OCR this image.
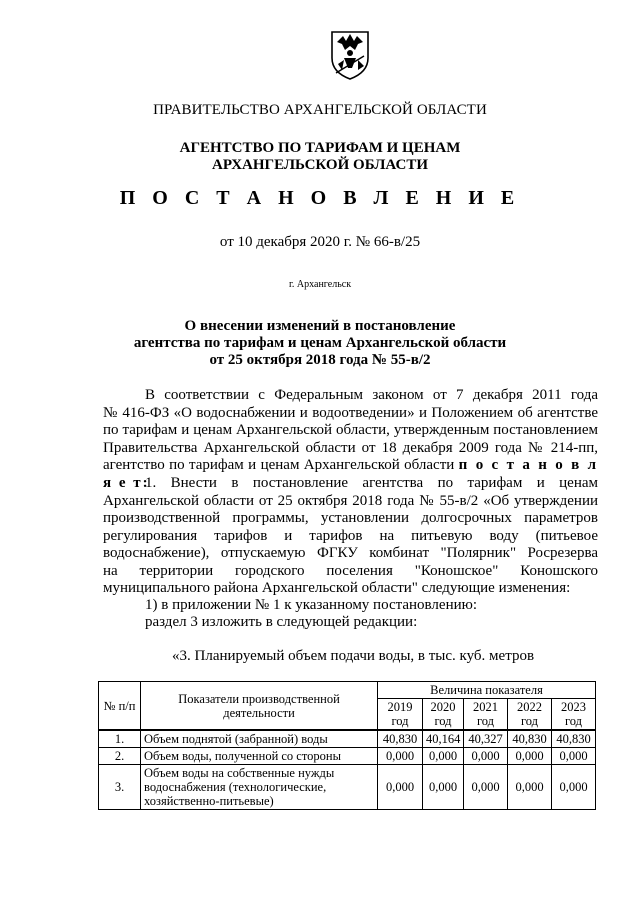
ПРАВИТЕЛЬСТВО АРХАНГЕЛЬСКОЙ ОБЛАСТИ
АГЕНТСТВО ПО ТАРИФАМ И ЦЕНАМ
АРХАНГЕЛЬСКОЙ ОБЛАСТИ
П О С Т А Н О В Л Е Н И Е
от 10 декабря 2020 г. № 66-в/25
г. Архангельск
О внесении изменений в постановление
агентства по тарифам и ценам Архангельской области
от 25 октября 2018 года № 55-в/2
В соответствии с Федеральным законом от 7 декабря 2011 года
№ 416-ФЗ «О водоснабжении и водоотведении» и Положением об агентстве
по тарифам и ценам Архангельской области, утвержденным постановлением
Правительства Архангельской области от 18 декабря 2009 года № 214-пп,
агентство по тарифам и ценам Архангельской области п о с т а н о в л я е т:
1. Внести в постановление агентства по тарифам и ценам
Архангельской области от 25 октября 2018 года № 55-в/2 «Об утверждении
производственной программы, установлении долгосрочных параметров
регулирования тарифов и тарифов на питьевую воду (питьевое
водоснабжение), отпускаемую ФГКУ комбинат "Полярник" Росрезерва
на территории городского поселения "Коношское" Коношского
муниципального района Архангельской области" следующие изменения:
1) в приложении № 1 к указанному постановлению:
раздел 3 изложить в следующей редакции:
«3. Планируемый объем подачи воды, в тыс. куб. метров
№ п/п	Показатели производственной деятельности	Величина показателя				
		2019 год	2020 год	2021 год	2022 год	2023 год
1.	Объем поднятой (забранной) воды	40,830	40,164	40,327	40,830	40,830
2.	Объем воды, полученной со стороны	0,000	0,000	0,000	0,000	0,000
3.	Объем воды на собственные нужды водоснабжения (технологические, хозяйственно-питьевые)	0,000	0,000	0,000	0,000	0,000
